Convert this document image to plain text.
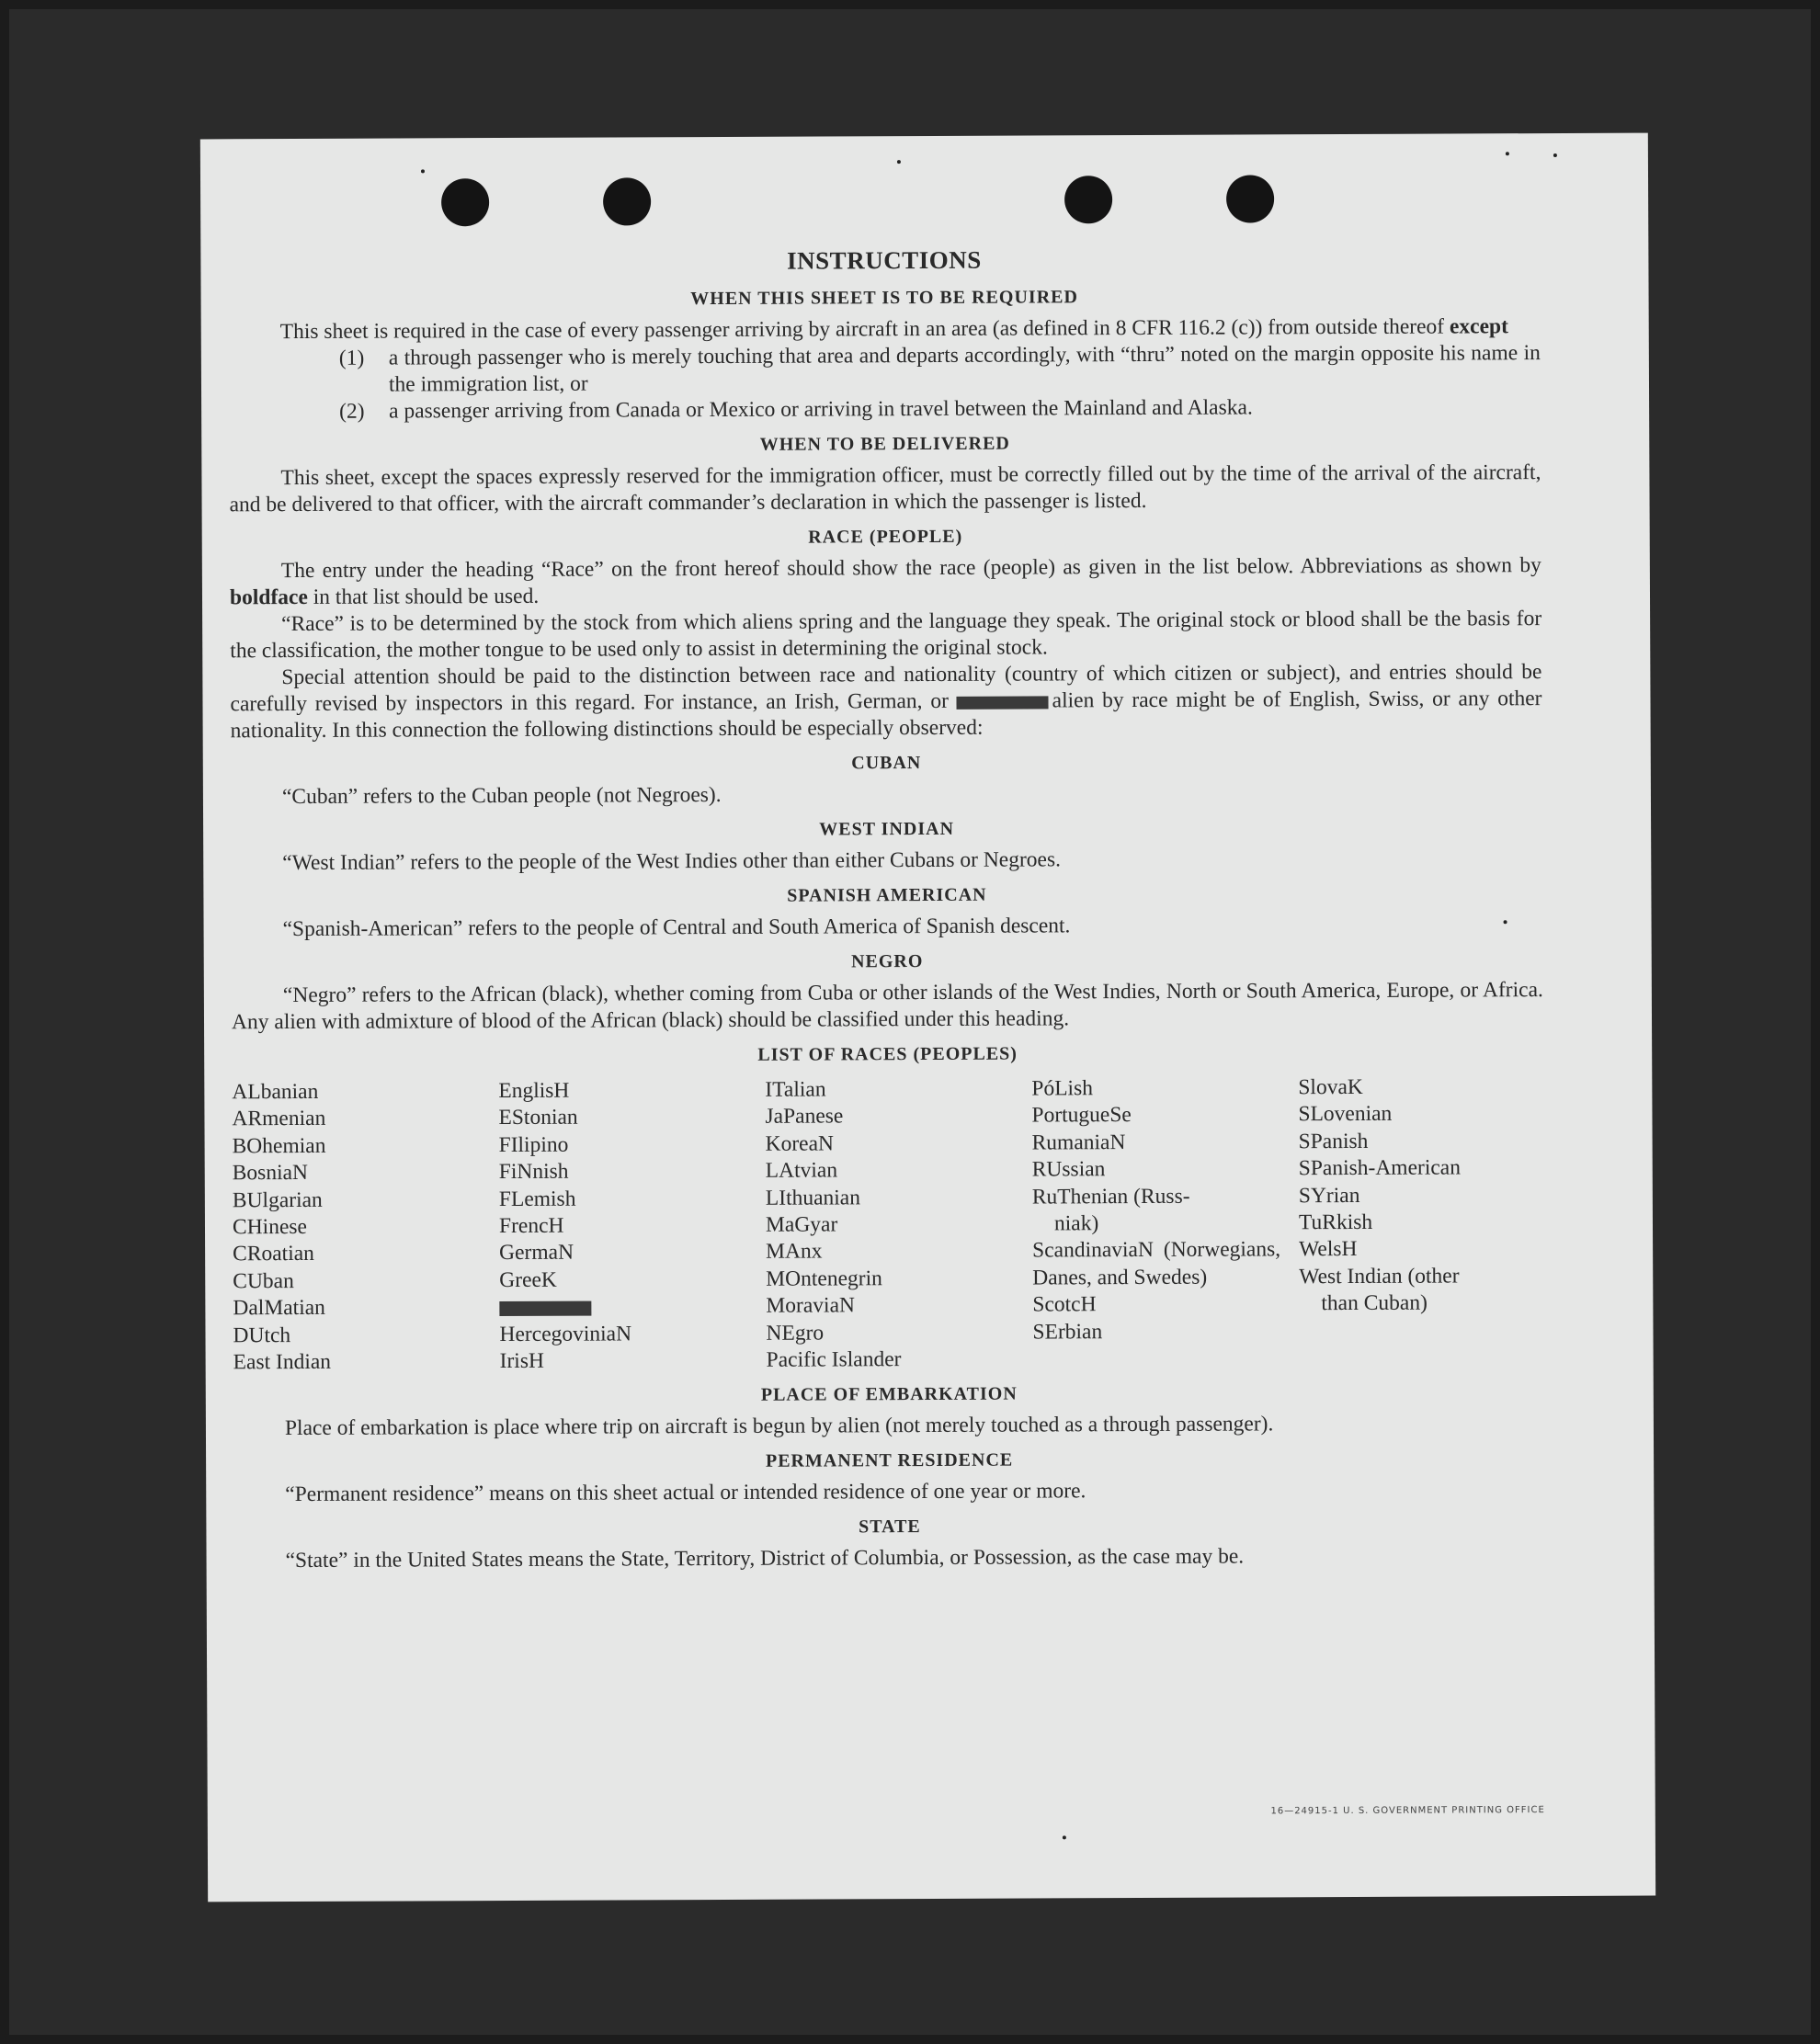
INSTRUCTIONS
WHEN THIS SHEET IS TO BE REQUIRED

This sheet is required in the case of every passenger arriving by aircraft in an area (as defined in 8 CFR 116.2 (c)) from outside thereof except

(1)	a through passenger who is merely touching that area and departs accordingly, with “thru” noted on the margin opposite his name in the immigration list, or
(2)	a passenger arriving from Canada or Mexico or arriving in travel between the Mainland and Alaska.
WHEN TO BE DELIVERED

This sheet, except the spaces expressly reserved for the immigration officer, must be correctly filled out by the time of the arrival of the aircraft, and be delivered to that officer, with the aircraft commander’s declaration in which the passenger is listed.

RACE (PEOPLE)

The entry under the heading “Race” on the front hereof should show the race (people) as given in the list below. Abbreviations as shown by boldface in that list should be used.

“Race” is to be determined by the stock from which aliens spring and the language they speak. The original stock or blood shall be the basis for the classification, the mother tongue to be used only to assist in determining the original stock.

Special attention should be paid to the distinction between race and nationality (country of which citizen or subject), and entries should be carefully revised by inspectors in this regard. For instance, an Irish, German, or	alien by race might be of English, Swiss, or any other nationality. In this connection the following distinctions should be especially observed:

CUBAN

“Cuban” refers to the Cuban people (not Negroes).

WEST INDIAN

“West Indian” refers to the people of the West Indies other than either Cubans or Negroes.

SPANISH AMERICAN

“Spanish-American” refers to the people of Central and South America of Spanish descent.

NEGRO

“Negro” refers to the African (black), whether coming from Cuba or other islands of the West Indies, North or South America, Europe, or Africa. Any alien with admixture of blood of the African (black) should be classified under this heading.

LIST OF RACES (PEOPLES)
ALbanian
ARmenian
BOhemian
BosniaN
BUlgarian
CHinese
CRoatian
CUban
DalMatian
DUtch
East Indian
EnglisH
EStonian
FIlipino
FiNnish
FLemish
FrencH
GermaN
GreeK
HercegoviniaN
IrisH
ITalian
JaPanese
KoreaN
LAtvian
LIthuanian
MaGyar
MAnx
MOntenegrin
MoraviaN
NEgro
Pacific Islander
PóLish
PortugueSe
RumaniaN
RUssian
RuThenian (Russ-
niak)
ScandinaviaN (Norwegians, Danes, and Swedes)
ScotcH
SErbian
SlovaK
SLovenian
SPanish
SPanish-American
SYrian
TuRkish
WelsH
West Indian (other
than Cuban)
PLACE OF EMBARKATION

Place of embarkation is place where trip on aircraft is begun by alien (not merely touched as a through passenger).

PERMANENT RESIDENCE

“Permanent residence” means on this sheet actual or intended residence of one year or more.

STATE

“State” in the United States means the State, Territory, District of Columbia, or Possession, as the case may be.

16—24915-1 U. S. GOVERNMENT PRINTING OFFICE
